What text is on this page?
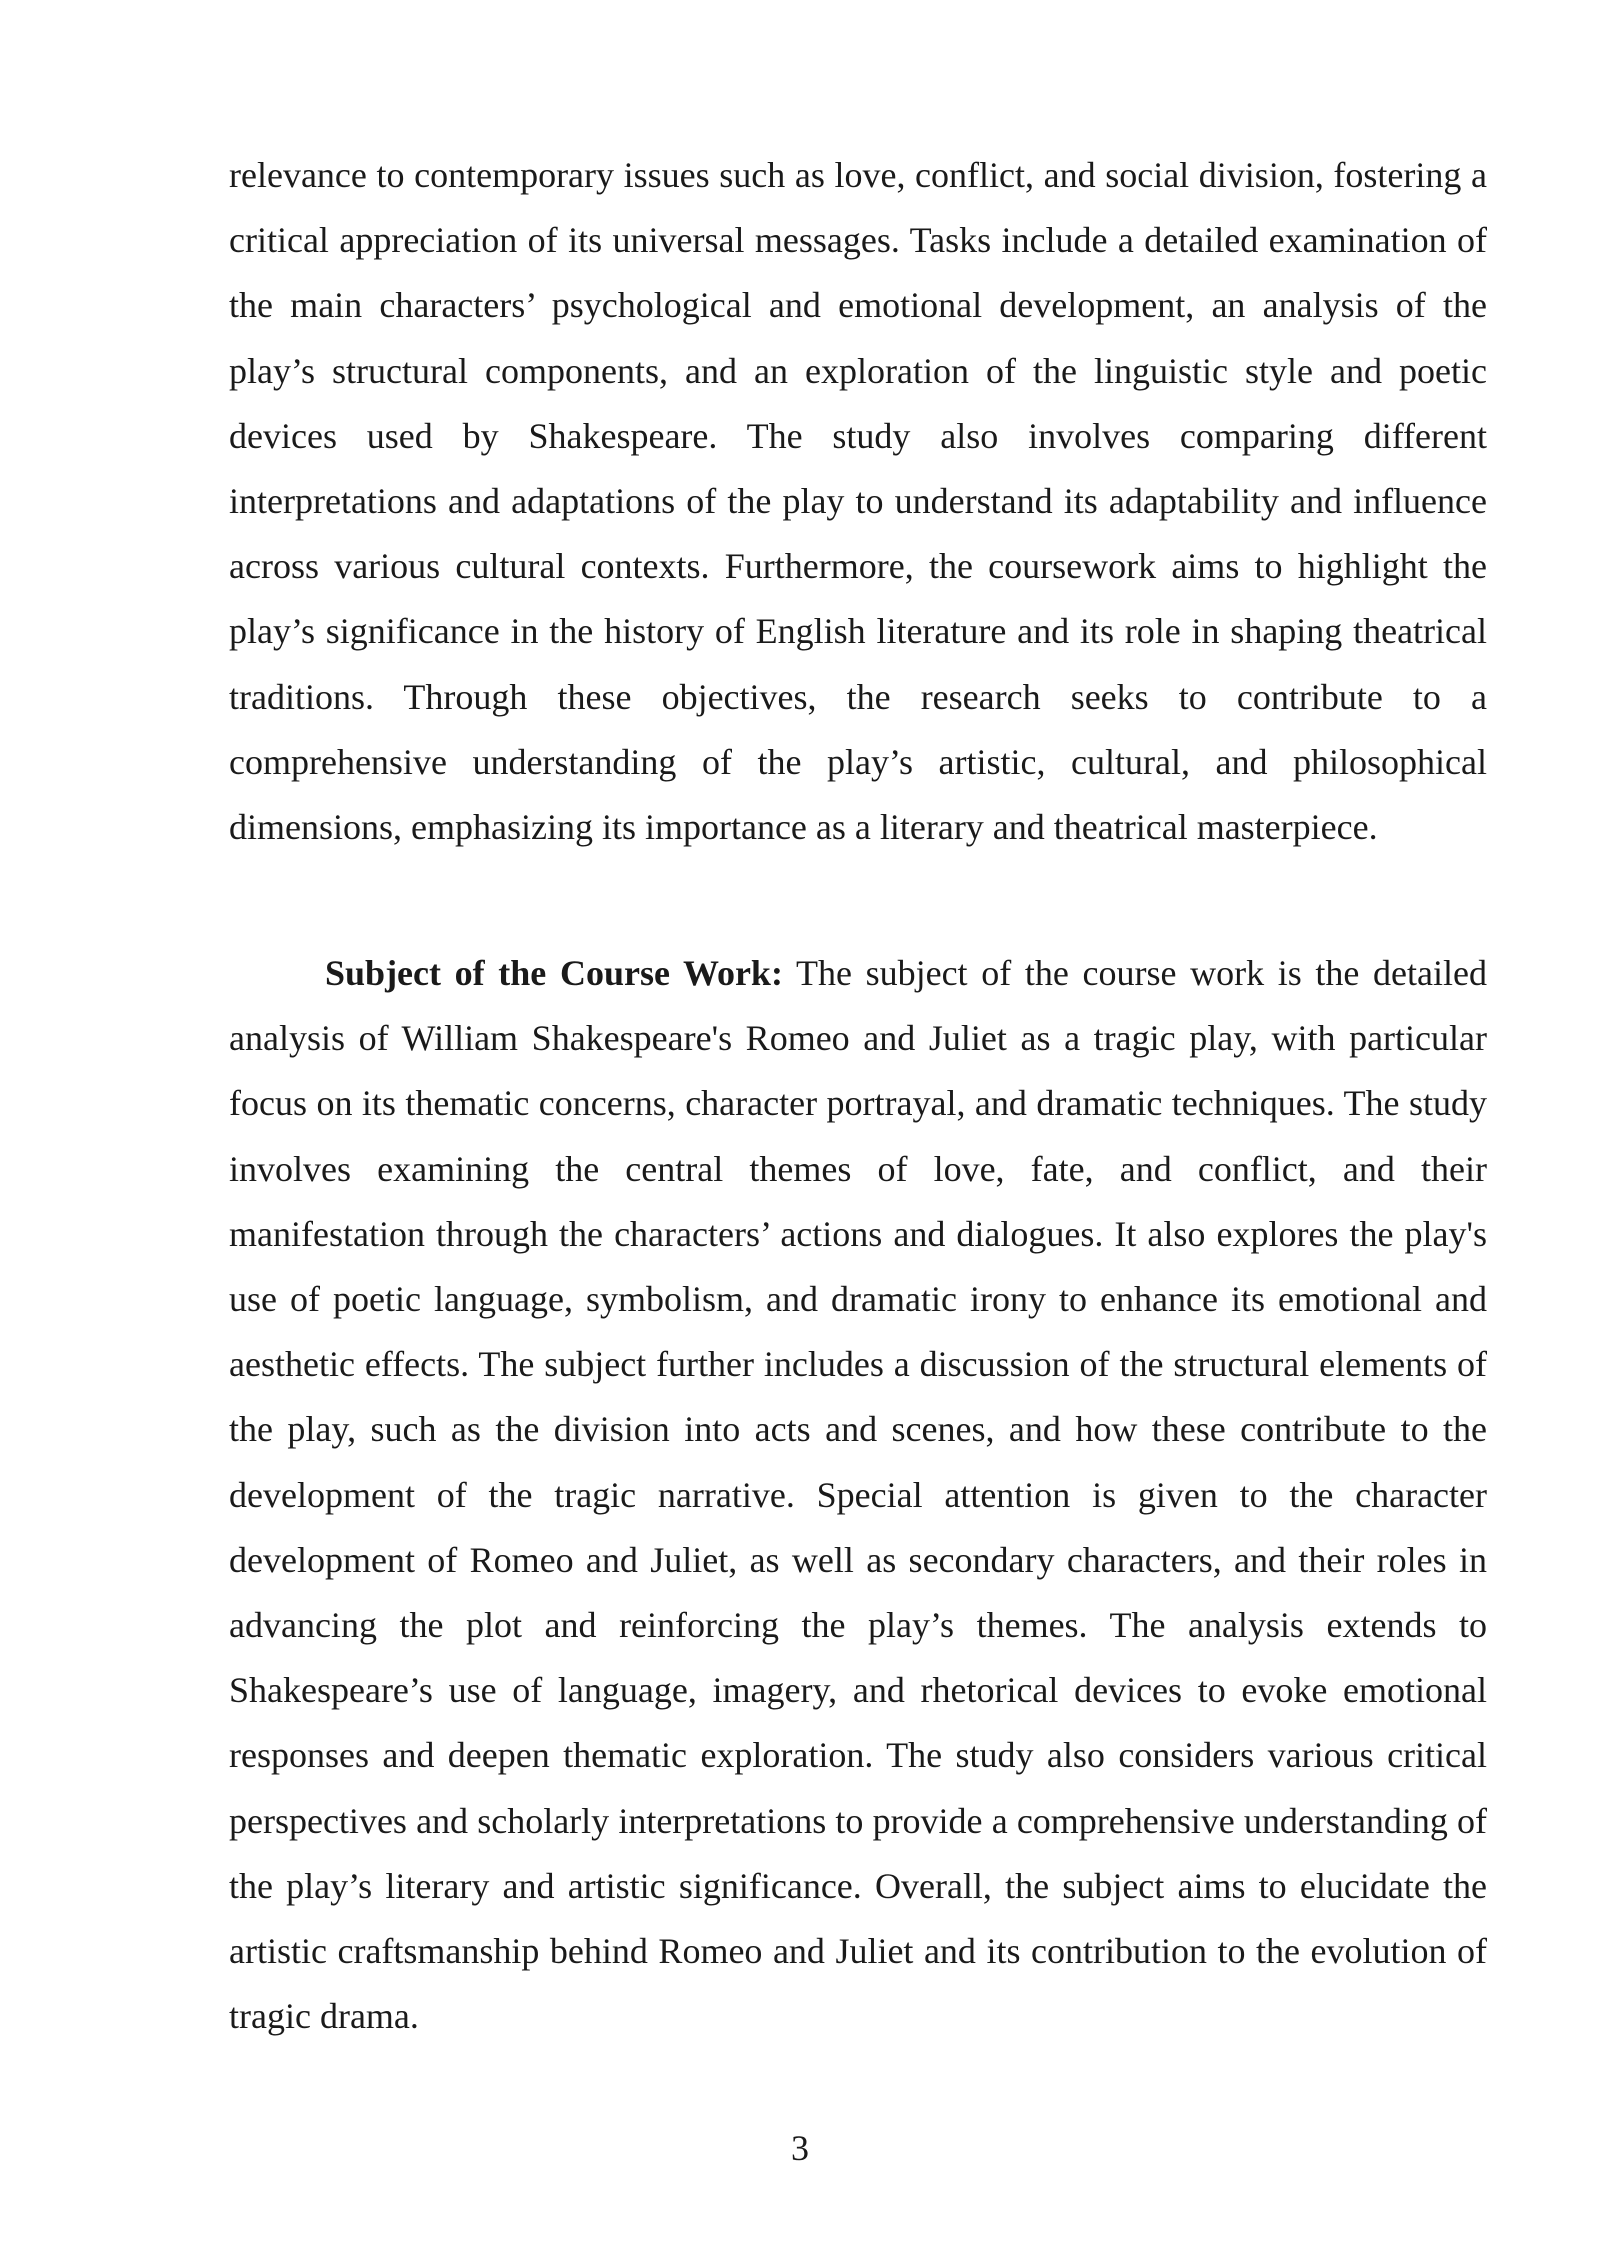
relevance to contemporary issues such as love, conflict, and social division, fostering a critical appreciation of its universal messages. Tasks include a detailed examination of the main characters’ psychological and emotional development, an analysis of the play’s structural components, and an exploration of the linguistic style and poetic devices used by Shakespeare. The study also involves comparing different interpretations and adaptations of the play to understand its adaptability and influence across various cultural contexts. Furthermore, the coursework aims to highlight the play’s significance in the history of English literature and its role in shaping theatrical traditions. Through these objectives, the research seeks to contribute to a comprehensive understanding of the play’s artistic, cultural, and philosophical dimensions, emphasizing its importance as a literary and theatrical masterpiece.

Subject of the Course Work: The subject of the course work is the detailed analysis of William Shakespeare's Romeo and Juliet as a tragic play, with particular focus on its thematic concerns, character portrayal, and dramatic techniques. The study involves examining the central themes of love, fate, and conflict, and their manifestation through the characters’ actions and dialogues. It also explores the play's use of poetic language, symbolism, and dramatic irony to enhance its emotional and aesthetic effects. The subject further includes a discussion of the structural elements of the play, such as the division into acts and scenes, and how these contribute to the development of the tragic narrative. Special attention is given to the character development of Romeo and Juliet, as well as secondary characters, and their roles in advancing the plot and reinforcing the play’s themes. The analysis extends to Shakespeare’s use of language, imagery, and rhetorical devices to evoke emotional responses and deepen thematic exploration. The study also considers various critical perspectives and scholarly interpretations to provide a comprehensive understanding of the play’s literary and artistic significance. Overall, the subject aims to elucidate the artistic craftsmanship behind Romeo and Juliet and its contribution to the evolution of tragic drama.

3
